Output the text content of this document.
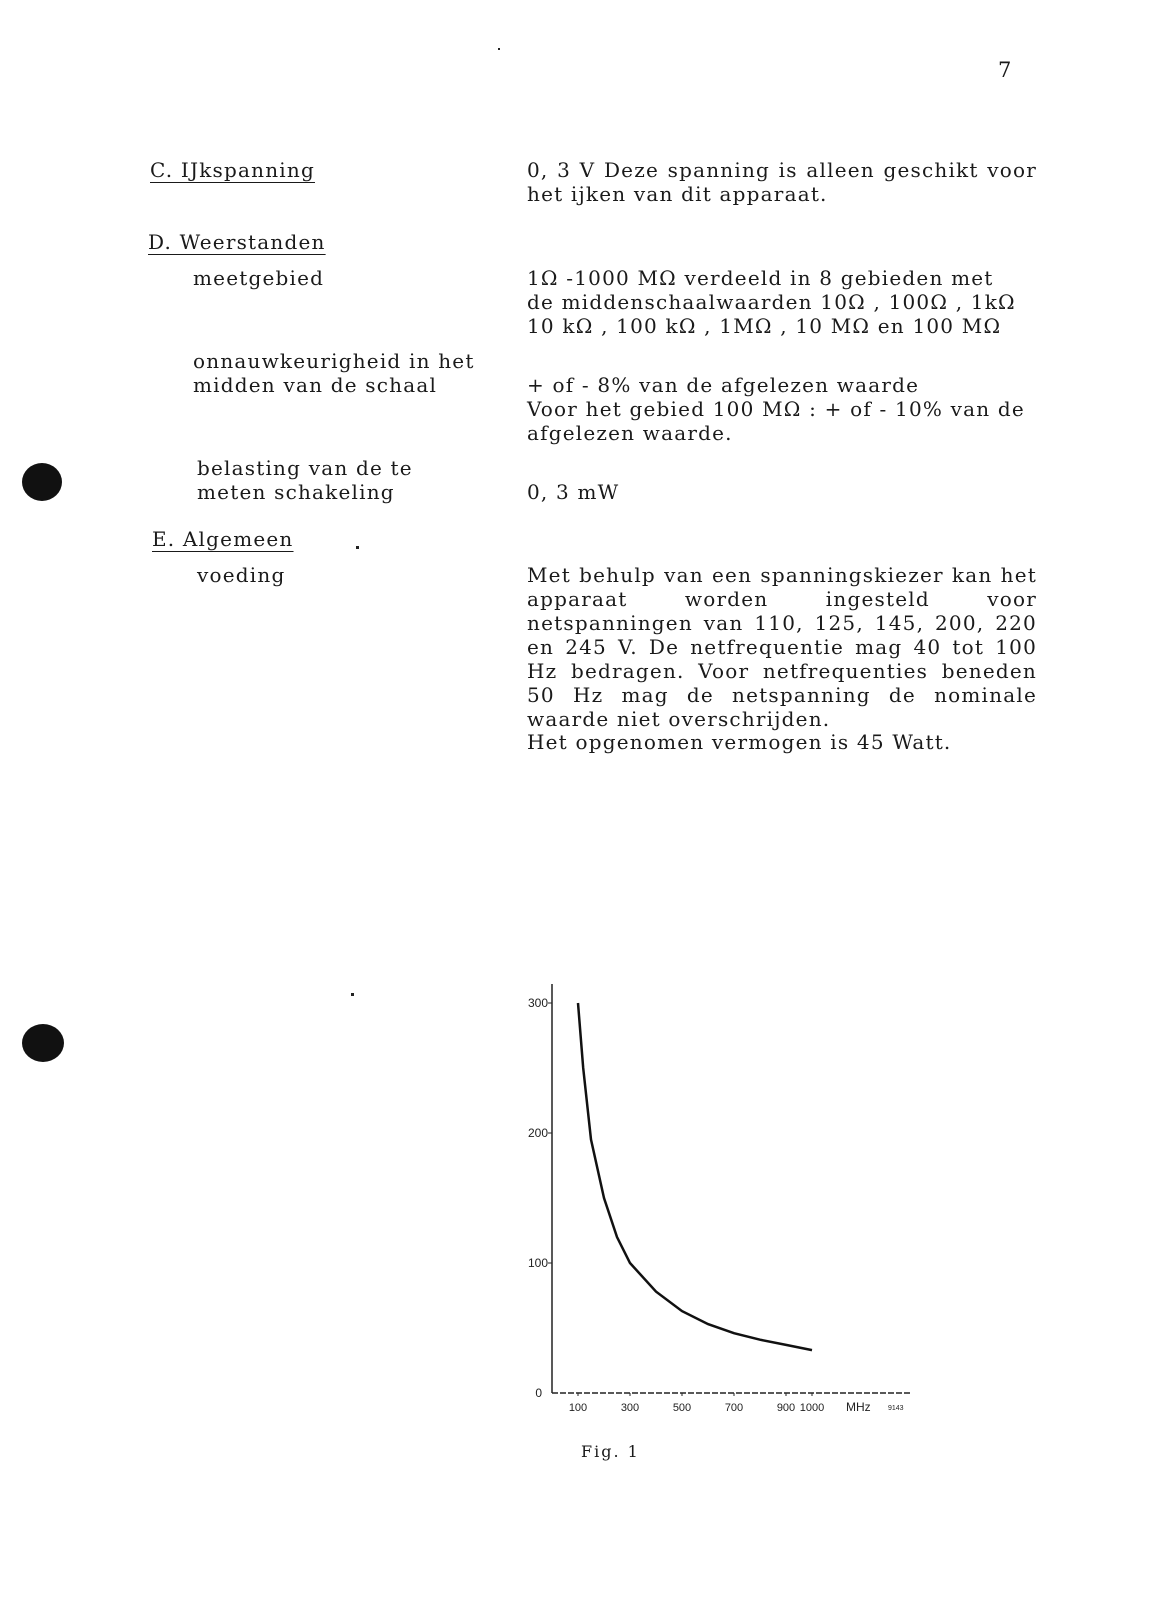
7
C. IJkspanning	0, 3 V Deze spanning is alleen geschikt voor het ijken van dit apparaat.
D. Weerstanden
meetgebied	1Ω -1000 MΩ verdeeld in 8 gebieden met
de middenschaalwaarden 10Ω , 100Ω , 1kΩ
10 kΩ , 100 kΩ , 1MΩ , 10 MΩ en 100 MΩ
onnauwkeurigheid in het
midden van de schaal	+ of - 8% van de afgelezen waarde
Voor het gebied 100 MΩ : + of - 10% van de
afgelezen waarde.
belasting van de te
meten schakeling	0, 3 mW
E. Algemeen
voeding	Met behulp van een spanningskiezer kan het apparaat worden ingesteld voor netspanningen van 110, 125, 145, 200, 220 en 245 V. De netfrequentie mag 40 tot 100 Hz bedragen. Voor netfrequenties beneden 50 Hz mag de netspanning de nominale waarde niet overschrijden.
Het opgenomen vermogen is 45 Watt.
0
100
200
300
100	300	500	700	900 1000 MHz 9143
Fig. 1
